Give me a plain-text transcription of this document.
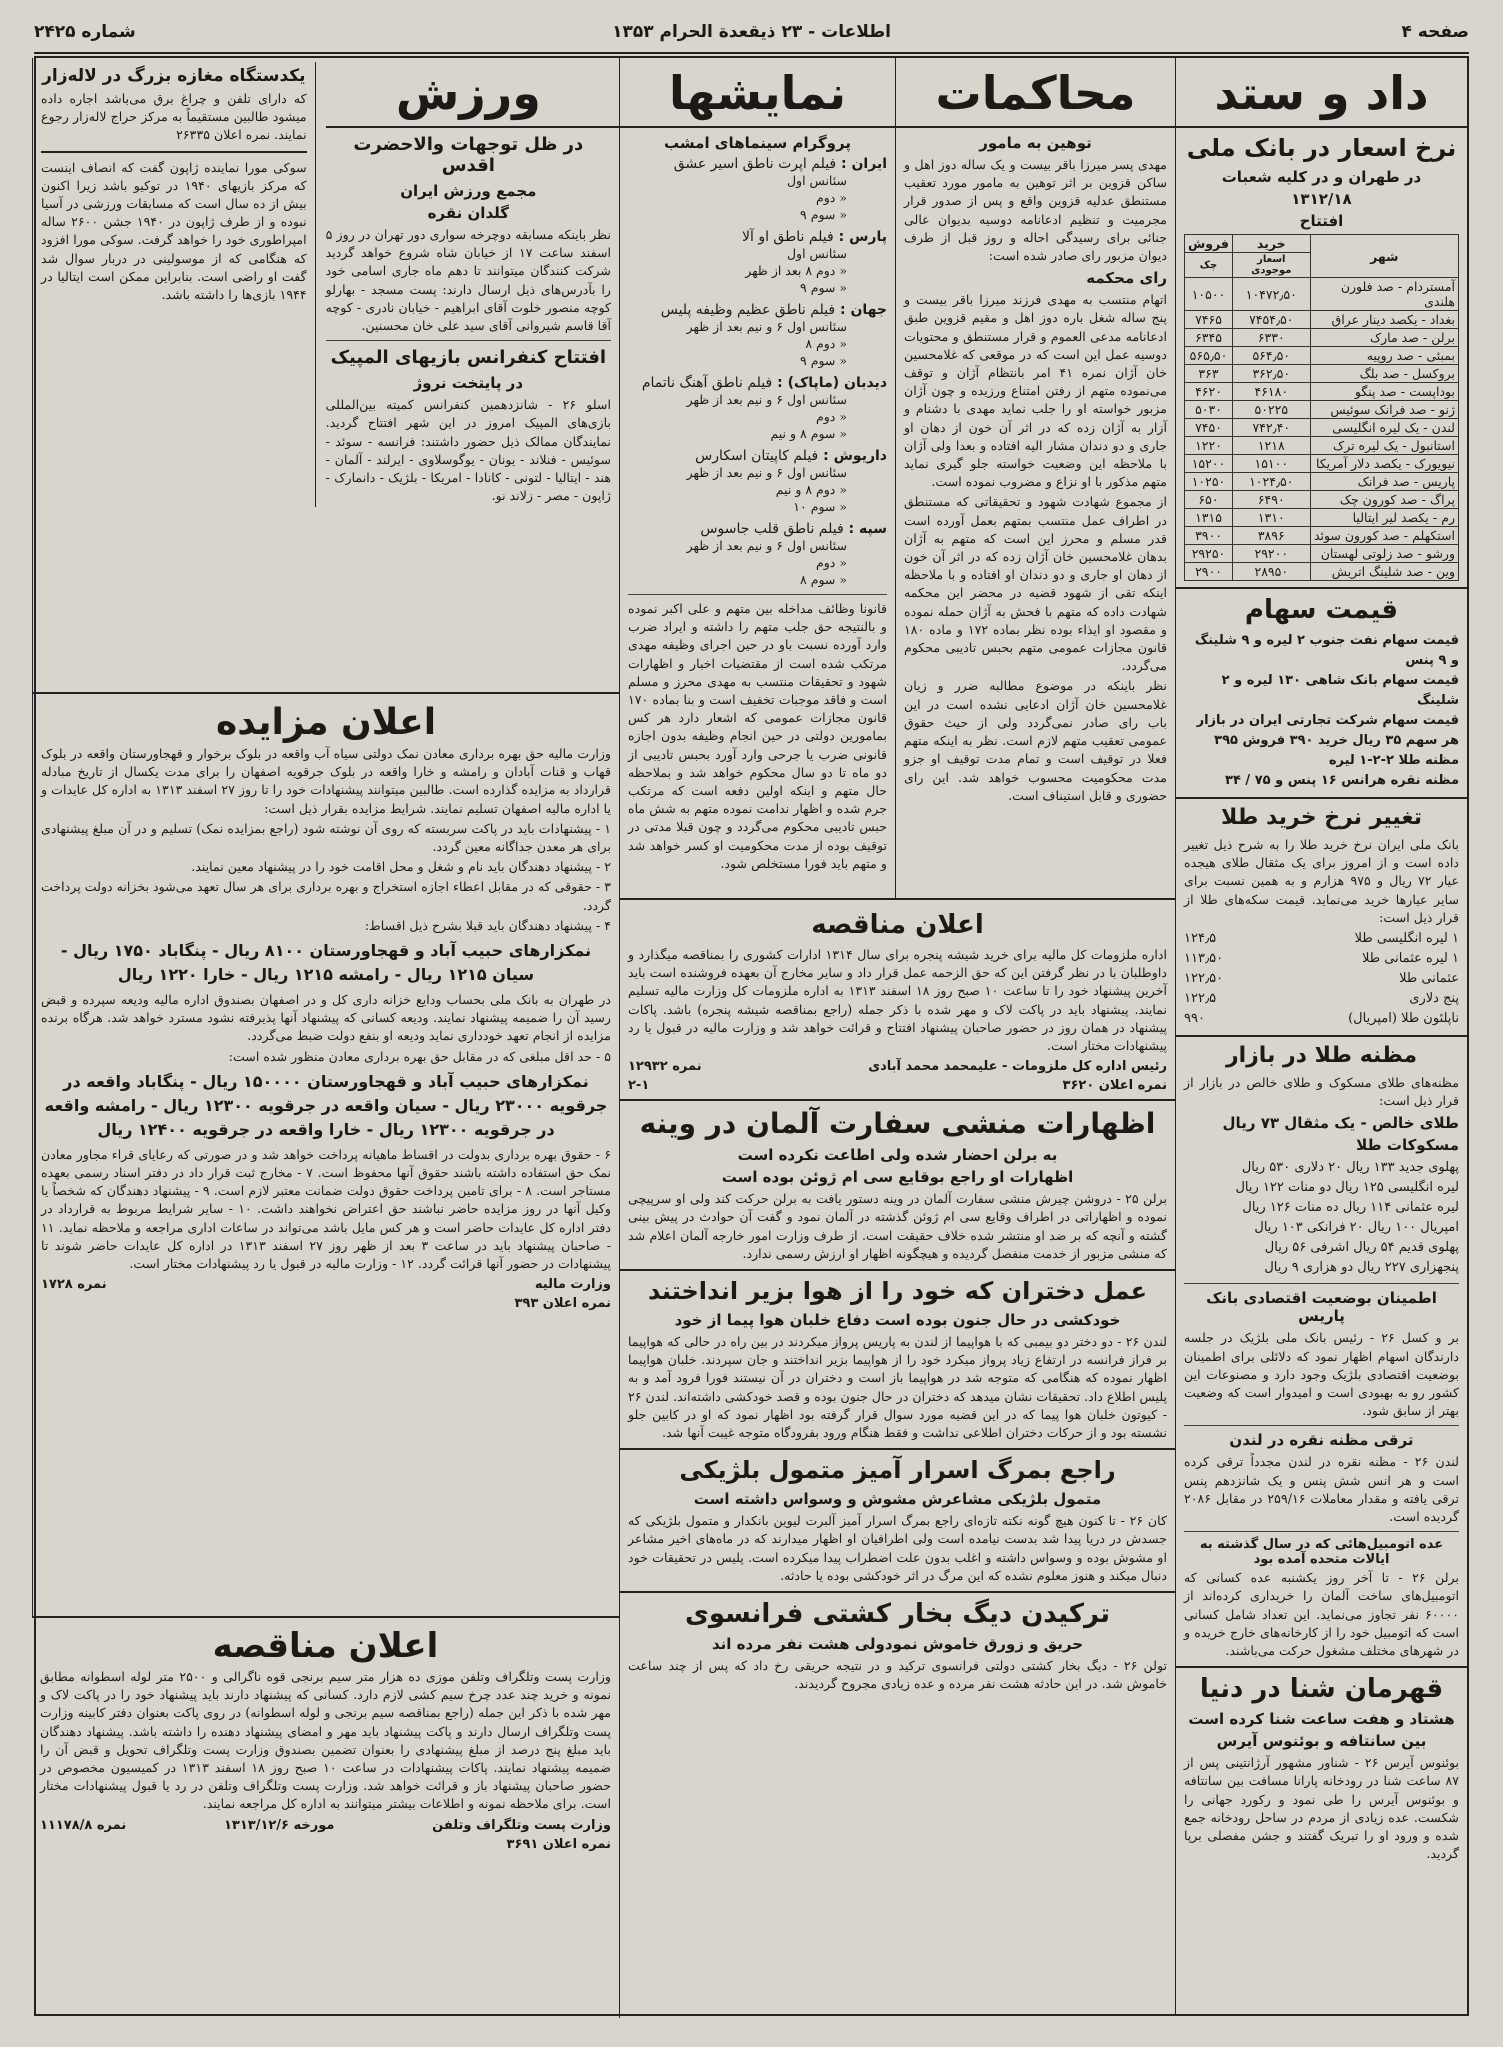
صفحه ۴
اطلاعات - ۲۳ ذیقعدة الحرام ۱۳۵۳
شماره ۲۴۲۵
داد و ستد
نرخ اسعار در بانک ملی
در طهران و در کلیه شعبات
۱۳۱۲/۱۸
افتتاح
شهر	خرید	فروش
	اسعار موجودی	چک
آمستردام - صد فلورن هلندی	۱۰۴۷۲٫۵۰	۱۰۵۰۰
بغداد - یکصد دینار عراق	۷۴۵۴٫۵۰	۷۴۶۵
برلن - صد مارک	۶۳۳۰	۶۳۴۵
بمبئی - صد روپیه	۵۶۴٫۵۰	۵۶۵٫۵۰
بروکسل - صد بلگ	۳۶۲٫۵۰	۳۶۳
بوداپست - صد پنگو	۴۶۱۸۰	۴۶۲۰
ژنو - صد فرانک سوئیس	۵۰۲۲۵	۵۰۳۰
لندن - یک لیره انگلیسی	۷۴۲٫۴۰	۷۴۵۰
استانبول - یک لیره ترک	۱۲۱۸	۱۲۲۰
نیویورک - یکصد دلار آمریکا	۱۵۱۰۰	۱۵۲۰۰
پاریس - صد فرانک	۱۰۲۴٫۵۰	۱۰۲۵۰
پراگ - صد کورون چک	۶۴۹۰	۶۵۰
رم - یکصد لیر ایتالیا	۱۳۱۰	۱۳۱۵
استکهلم - صد کورون سوئد	۳۸۹۶	۳۹۰۰
ورشو - صد زلوتی لهستان	۲۹۲۰۰	۲۹۲۵۰
وین - صد شلینگ اتریش	۲۸۹۵۰	۲۹۰۰
قیمت سهام
قیمت سهام نفت جنوب ۲ لیره و ۹ شلینگ و ۹ پنس
قیمت سهام بانک شاهی ۱۳۰ لیره و ۲ شلینگ
قیمت سهام شرکت تجارتی ایران در بازار
هر سهم ۳۵ ریال خرید ۳۹۰ فروش ۳۹۵
مظنه طلا ۲-۲-۱ لیره
مظنه نقره هرانس ۱۶ پنس و ۷۵ / ۳۴
تغییر نرخ خرید طلا
بانک ملی ایران نرخ خرید طلا را به شرح ذیل تغییر داده است و از امروز برای یک مثقال طلای هیجده عیار ۷۲ ریال و ۹۷۵ هزارم و به همین نسبت برای سایر عیارها خرید می‌نماید. قیمت سکه‌های طلا از قرار ذیل است:
۱ لیره انگلیسی طلا
۱۲۴٫۵
۱ لیره عثمانی طلا
۱۱۳٫۵۰
عثمانی طلا
۱۲۲٫۵۰
پنج دلاری
۱۲۲٫۵
ناپلئون طلا (امپریال)
۹۹۰
مظنه طلا در بازار
مظنه‌های طلای مسکوک و طلای خالص در بازار از قرار ذیل است:
طلای خالص - یک مثقال ۷۳ ریال
مسکوکات طلا
پهلوی جدید ۱۳۳ ریال ۲۰ دلاری ۵۳۰ ریال
لیره انگلیسی ۱۲۵ ریال دو منات ۱۲۲ ریال
لیره عثمانی ۱۱۴ ریال ده منات ۱۲۶ ریال
امپریال ۱۰۰ ریال ۲۰ فرانکی ۱۰۳ ریال
پهلوی قدیم ۵۴ ریال اشرفی ۵۶ ریال
پنجهزاری ۲۲۷ ریال دو هزاری ۹ ریال
اطمینان بوضعیت اقتصادی بانک پاریس
بر و کسل ۲۶ - رئیس بانک ملی بلژیک در جلسه دارندگان اسهام اظهار نمود که دلائلی برای اطمینان بوضعیت اقتصادی بلژیک وجود دارد و مصنوعات این کشور رو به بهبودی است و امیدوار است که وضعیت بهتر از سابق شود.
ترقی مظنه نقره در لندن
لندن ۲۶ - مظنه نقره در لندن مجدداً ترقی کرده است و هر انس شش پنس و یک شانزدهم پنس ترقی یافته و مقدار معاملات ۲۵۹/۱۶ در مقابل ۲۰۸۶ گردیده است.
عده اتومبیل‌هائی که در سال گذشته به ایالات متحده آمده بود
برلن ۲۶ - تا آخر روز یکشنبه عده کسانی که اتومبیل‌های ساخت آلمان را خریداری کرده‌اند از ۶۰۰۰۰ نفر تجاوز می‌نماید. این تعداد شامل کسانی است که اتومبیل خود را از کارخانه‌های خارج خریده و در شهرهای مختلف مشغول حرکت می‌باشند.
قهرمان شنا در دنیا
هشتاد و هفت ساعت شنا کرده است
بین سانتافه و بوئنوس آیرس
بوئنوس آیرس ۲۶ - شناور مشهور آرژانتینی پس از ۸۷ ساعت شنا در رودخانه پارانا مسافت بین سانتافه و بوئنوس آیرس را طی نمود و رکورد جهانی را شکست. عده زیادی از مردم در ساحل رودخانه جمع شده و ورود او را تبریک گفتند و جشن مفصلی برپا گردید.
محاکمات
توهین به مامور
مهدی پسر میرزا باقر بیست و یک ساله دوز اهل و ساکن قزوین بر اثر توهین به مامور مورد تعقیب مستنطق عدلیه قزوین واقع و پس از صدور قرار مجرمیت و تنظیم ادعانامه دوسیه بدیوان عالی جنائی برای رسیدگی احاله و روز قبل از طرف دیوان مزبور رای صادر شده است:
رای محکمه
اتهام منتسب به مهدی فرزند میرزا باقر بیست و پنج ساله شغل باره دوز اهل و مقیم قزوین طبق ادعانامه مدعی العموم و قرار مستنطق و محتویات دوسیه عمل این است که در موقعی که غلامحسین خان آژان نمره ۴۱ امر بانتظام آژان و توقف می‌نموده متهم از رفتن امتناع ورزیده و چون آژان مزبور خواسته او را جلب نماید مهدی با دشنام و آزار به آژان زده که در اثر آن خون از دهان او جاری و دو دندان مشار الیه افتاده و بعدا ولی آژان با ملاحظه این وضعیت خواسته جلو گیری نماید متهم مذکور با او نزاع و مضروب نموده است.
از مجموع شهادت شهود و تحقیقاتی که مستنطق در اطراف عمل منتسب بمتهم بعمل آورده است قدر مسلم و محرز این است که متهم به آژان بدهان غلامحسین خان آژان زده که در اثر آن خون از دهان او جاری و دو دندان او افتاده و با ملاحظه اینکه تقی از شهود قضیه در محضر این محکمه شهادت داده که متهم با فحش به آژان حمله نموده و مقصود او ایذاء بوده نظر بماده ۱۷۲ و ماده ۱۸۰ قانون مجازات عمومی متهم بحبس تادیبی محکوم می‌گردد.
نظر باینکه در موضوع مطالبه ضرر و زیان غلامحسین خان آژان ادعایی نشده است در این باب رای صادر نمی‌گردد ولی از حیث حقوق عمومی تعقیب متهم لازم است. نظر به اینکه متهم فعلا در توقیف است و تمام مدت توقیف او جزو مدت محکومیت محسوب خواهد شد. این رای حضوری و قابل استیناف است.
نمایشها
پروگرام سینماهای امشب
ایران : فیلم اپرت ناطق اسیر عشق
سئانس اول
« دوم
« سوم ۹
پارس : فیلم ناطق او آلا
سئانس اول
« دوم ۸ بعد از ظهر
« سوم ۹
جهان : فیلم ناطق عظیم وظیفه پلیس
سئانس اول ۶ و نیم بعد از ظهر
« دوم ۸
« سوم ۹
دیدبان (ماپاک) : فیلم ناطق آهنگ ناتمام
سئانس اول ۶ و نیم بعد از ظهر
« دوم
« سوم ۸ و نیم
داریوش : فیلم کاپیتان اسکارس
سئانس اول ۶ و نیم بعد از ظهر
« دوم ۸ و نیم
« سوم ۱۰
سپه : فیلم ناطق قلب جاسوس
سئانس اول ۶ و نیم بعد از ظهر
« دوم
« سوم ۸
قانونا وظائف مداخله بین متهم و علی اکبر نموده و بالنتیجه حق جلب متهم را داشته و ایراد ضرب وارد آورده نسبت باو در حین اجرای وظیفه مهدی مرتکب شده است از مقتضیات اخبار و اظهارات شهود و تحقیقات منتسب به مهدی محرز و مسلم است و فاقد موجبات تخفیف است و بنا بماده ۱۷۰ قانون مجازات عمومی که اشعار دارد هر کس بمامورین دولتی در حین انجام وظیفه بدون اجازه قانونی ضرب یا جرحی وارد آورد بحبس تادیبی از دو ماه تا دو سال محکوم خواهد شد و بملاحظه حال متهم و اینکه اولین دفعه است که مرتکب جرم شده و اظهار ندامت نموده متهم به شش ماه حبس تادیبی محکوم می‌گردد و چون قبلا مدتی در توقیف بوده از مدت محکومیت او کسر خواهد شد و متهم باید فورا مستخلص شود.
اعلان مناقصه
اداره ملزومات کل مالیه برای خرید شیشه پنجره برای سال ۱۳۱۴ ادارات کشوری را بمناقصه میگذارد و داوطلبان با در نظر گرفتن این که حق الزحمه عمل قرار داد و سایر مخارج آن بعهده فروشنده است باید آخرین پیشنهاد خود را تا ساعت ۱۰ صبح روز ۱۸ اسفند ۱۳۱۳ به اداره ملزومات کل وزارت مالیه تسلیم نمایند. پیشنهاد باید در پاکت لاک و مهر شده با ذکر جمله (راجع بمناقصه شیشه پنجره) باشد. پاکات پیشنهاد در همان روز در حضور صاحبان پیشنهاد افتتاح و قرائت خواهد شد و وزارت مالیه در قبول یا رد پیشنهادات مختار است.
رئیس اداره کل ملزومات - علیمحمد محمد آبادی
نمره ۱۲۹۳۲
نمره اعلان ۳۶۲۰
۲-۱
اظهارات منشی سفارت آلمان در وینه
به برلن احضار شده ولی اطاعت نکرده است
اظهارات او راجع بوقایع سی ام ژوئن بوده است
برلن ۲۵ - دروشن چیرش منشی سفارت آلمان در وینه دستور یافت به برلن حرکت کند ولی او سرپیچی نموده و اظهاراتی در اطراف وقایع سی ام ژوئن گذشته در آلمان نمود و گفت آن حوادث در پیش بینی گشته و آنچه که بر ضد او منتشر شده خلاف حقیقت است. از طرف وزارت امور خارجه آلمان اعلام شد که منشی مزبور از خدمت منفصل گردیده و هیچگونه اظهار او ارزش رسمی ندارد.
عمل دختران که خود را از هوا بزیر انداختند
خودکشی در حال جنون بوده است دفاع خلبان هوا پیما از خود
لندن ۲۶ - دو دختر دو بیمبی که با هواپیما از لندن به پاریس پرواز میکردند در بین راه در حالی که هواپیما بر فراز فرانسه در ارتفاع زیاد پرواز میکرد خود را از هواپیما بزیر انداختند و جان سپردند. خلبان هواپیما اظهار نموده که هنگامی که متوجه شد در هواپیما باز است و دختران در آن نیستند فورا فرود آمد و به پلیس اطلاع داد. تحقیقات نشان میدهد که دختران در حال جنون بوده و قصد خودکشی داشته‌اند. لندن ۲۶ - کیوتون خلبان هوا پیما که در این قضیه مورد سوال قرار گرفته بود اظهار نمود که او در کابین جلو نشسته بود و از حرکات دختران اطلاعی نداشت و فقط هنگام ورود بفرودگاه متوجه غیبت آنها شد.
راجع بمرگ اسرار آمیز متمول بلژیکی
متمول بلژیکی مشاعرش مشوش و وسواس داشته است
کان ۲۶ - تا کنون هیچ گونه نکته تازه‌ای راجع بمرگ اسرار آمیز آلبرت لیوین بانکدار و متمول بلژیکی که جسدش در دریا پیدا شد بدست نیامده است ولی اطرافیان او اظهار میدارند که در ماه‌های اخیر مشاعر او مشوش بوده و وسواس داشته و اغلب بدون علت اضطراب پیدا میکرده است. پلیس در تحقیقات خود دنبال میکند و هنوز معلوم نشده که این مرگ در اثر خودکشی بوده یا حادثه.
ترکیدن دیگ بخار کشتی فرانسوی
حریق و زورق خاموش نمودولی هشت نفر مرده اند
تولن ۲۶ - دیگ بخار کشتی دولتی فرانسوی ترکید و در نتیجه حریقی رخ داد که پس از چند ساعت خاموش شد. در این حادثه هشت نفر مرده و عده زیادی مجروح گردیدند.
ورزش
در ظل توجهات والاحضرت اقدس
مجمع ورزش ایران
گلدان نقره
نظر باینکه مسابقه دوچرخه سواری دور تهران در روز ۵ اسفند ساعت ۱۷ از خیابان شاه شروع خواهد گردید شرکت کنندگان میتوانند تا دهم ماه جاری اسامی خود را بآدرس‌های ذیل ارسال دارند: پست مسجد - بهارلو کوچه منصور خلوت آقای ابراهیم - خیابان نادری - کوچه آقا قاسم شیروانی آقای سید علی خان محسنین.
افتتاح کنفرانس بازیهای المپیک
در پایتخت نروژ
اسلو ۲۶ - شانزدهمین کنفرانس کمیته بین‌المللی بازی‌های المپیک امروز در این شهر افتتاح گردید. نمایندگان ممالک ذیل حضور داشتند: فرانسه - سوئد - سوئیس - فنلاند - یونان - یوگوسلاوی - ایرلند - آلمان - هند - ایتالیا - لتونی - کانادا - امریکا - بلژیک - دانمارک - ژاپون - مصر - زلاند نو.
یکدستگاه مغازه بزرگ در لاله‌زار
که دارای تلفن و چراغ برق می‌باشد اجاره داده میشود طالبین مستقیماً به مرکز حراج لاله‌زار رجوع نمایند. نمره اعلان ۲۶۳۳۵
سوکی مورا نماینده ژاپون گفت که انصاف اینست که مرکز بازیهای ۱۹۴۰ در توکیو باشد زیرا اکنون بیش از ده سال است که مسابقات ورزشی در آسیا نبوده و از طرف ژاپون در ۱۹۴۰ جشن ۲۶۰۰ ساله امپراطوری خود را خواهد گرفت. سوکی مورا افزود که هنگامی که از موسولینی در دربار سوال شد گفت او راضی است. بنابراین ممکن است ایتالیا در ۱۹۴۴ بازی‌ها را داشته باشد.
اعلان مزایده
وزارت مالیه حق بهره برداری معادن نمک دولتی سیاه آب واقعه در بلوک برخوار و قهجاورستان واقعه در بلوک قهاب و قنات آبادان و رامشه و خارا واقعه در بلوک جرقویه اصفهان را برای مدت یکسال از تاریخ مبادله قرارداد به مزایده گذارده است. طالبین میتوانند پیشنهادات خود را تا روز ۲۷ اسفند ۱۳۱۳ به اداره کل عایدات و یا اداره مالیه اصفهان تسلیم نمایند. شرایط مزایده بقرار ذیل است:
۱ - پیشنهادات باید در پاکت سربسته که روی آن نوشته شود (راجع بمزایده نمک) تسلیم و در آن مبلغ پیشنهادی برای هر معدن جداگانه معین گردد.
۲ - پیشنهاد دهندگان باید نام و شغل و محل اقامت خود را در پیشنهاد معین نمایند.
۳ - حقوقی که در مقابل اعطاء اجازه استخراج و بهره برداری برای هر سال تعهد می‌شود بخزانه دولت پرداخت گردد.
۴ - پیشنهاد دهندگان باید قبلا بشرح ذیل اقساط:
نمکزارهای حبیب آباد و قهجاورستان ۸۱۰۰ ریال - پنگاباد ۱۷۵۰ ریال - سیان ۱۲۱۵ ریال - رامشه ۱۲۱۵ ریال - خارا ۱۲۲۰ ریال
در طهران به بانک ملی بحساب ودایع خزانه داری کل و در اصفهان بصندوق اداره مالیه ودیعه سپرده و قبض رسید آن را ضمیمه پیشنهاد نمایند. ودیعه کسانی که پیشنهاد آنها پذیرفته نشود مسترد خواهد شد. هرگاه برنده مزایده از انجام تعهد خودداری نماید ودیعه او بنفع دولت ضبط می‌گردد.
۵ - حد اقل مبلغی که در مقابل حق بهره برداری معادن منظور شده است:
نمکزارهای حبیب آباد و قهجاورستان ۱۵۰۰۰۰ ریال - پنگاباد واقعه در جرقویه ۲۳۰۰۰ ریال - سیان واقعه در جرقویه ۱۲۳۰۰ ریال - رامشه واقعه در جرقویه ۱۲۳۰۰ ریال - خارا واقعه در جرقویه ۱۲۴۰۰ ریال
۶ - حقوق بهره برداری بدولت در اقساط ماهیانه پرداخت خواهد شد و در صورتی که رعایای قراء مجاور معادن نمک حق استفاده داشته باشند حقوق آنها محفوظ است. ۷ - مخارج ثبت قرار داد در دفتر اسناد رسمی بعهده مستاجر است. ۸ - برای تامین پرداخت حقوق دولت ضمانت معتبر لازم است. ۹ - پیشنهاد دهندگان که شخصاً یا وکیل آنها در روز مزایده حاضر نباشند حق اعتراض نخواهند داشت. ۱۰ - سایر شرایط مربوط به قرارداد در دفتر اداره کل عایدات حاضر است و هر کس مایل باشد می‌تواند در ساعات اداری مراجعه و ملاحظه نماید. ۱۱ - صاحبان پیشنهاد باید در ساعت ۳ بعد از ظهر روز ۲۷ اسفند ۱۳۱۳ در اداره کل عایدات حاضر شوند تا پیشنهادات در حضور آنها قرائت گردد. ۱۲ - وزارت مالیه در قبول یا رد پیشنهادات مختار است.
وزارت مالیه
نمره ۱۷۲۸
نمره اعلان ۳۹۳
اعلان مناقصه
وزارت پست وتلگراف وتلفن موزی ده هزار متر سیم برنجی قوه ناگرالی و ۲۵۰۰ متر لوله اسطوانه مطابق نمونه و خرید چند عدد چرخ سیم کشی لازم دارد. کسانی که پیشنهاد دارند باید پیشنهاد خود را در پاکت لاک و مهر شده با ذکر این جمله (راجع بمناقصه سیم برنجی و لوله اسطوانه) در روی پاکت بعنوان دفتر کابینه وزارت پست وتلگراف ارسال دارند و پاکت پیشنهاد باید مهر و امضای پیشنهاد دهنده را داشته باشد. پیشنهاد دهندگان باید مبلغ پنج درصد از مبلغ پیشنهادی را بعنوان تضمین بصندوق وزارت پست وتلگراف تحویل و قبض آن را ضمیمه پیشنهاد نمایند. پاکات پیشنهادات در ساعت ۱۰ صبح روز ۱۸ اسفند ۱۳۱۳ در کمیسیون مخصوص در حضور صاحبان پیشنهاد باز و قرائت خواهد شد. وزارت پست وتلگراف وتلفن در رد یا قبول پیشنهادات مختار است. برای ملاحظه نمونه و اطلاعات بیشتر میتوانند به اداره کل مراجعه نمایند.
وزارت پست وتلگراف وتلفن
مورخه ۱۳۱۳/۱۲/۶
نمره ۱۱۱۷۸/۸
نمره اعلان ۳۶۹۱
